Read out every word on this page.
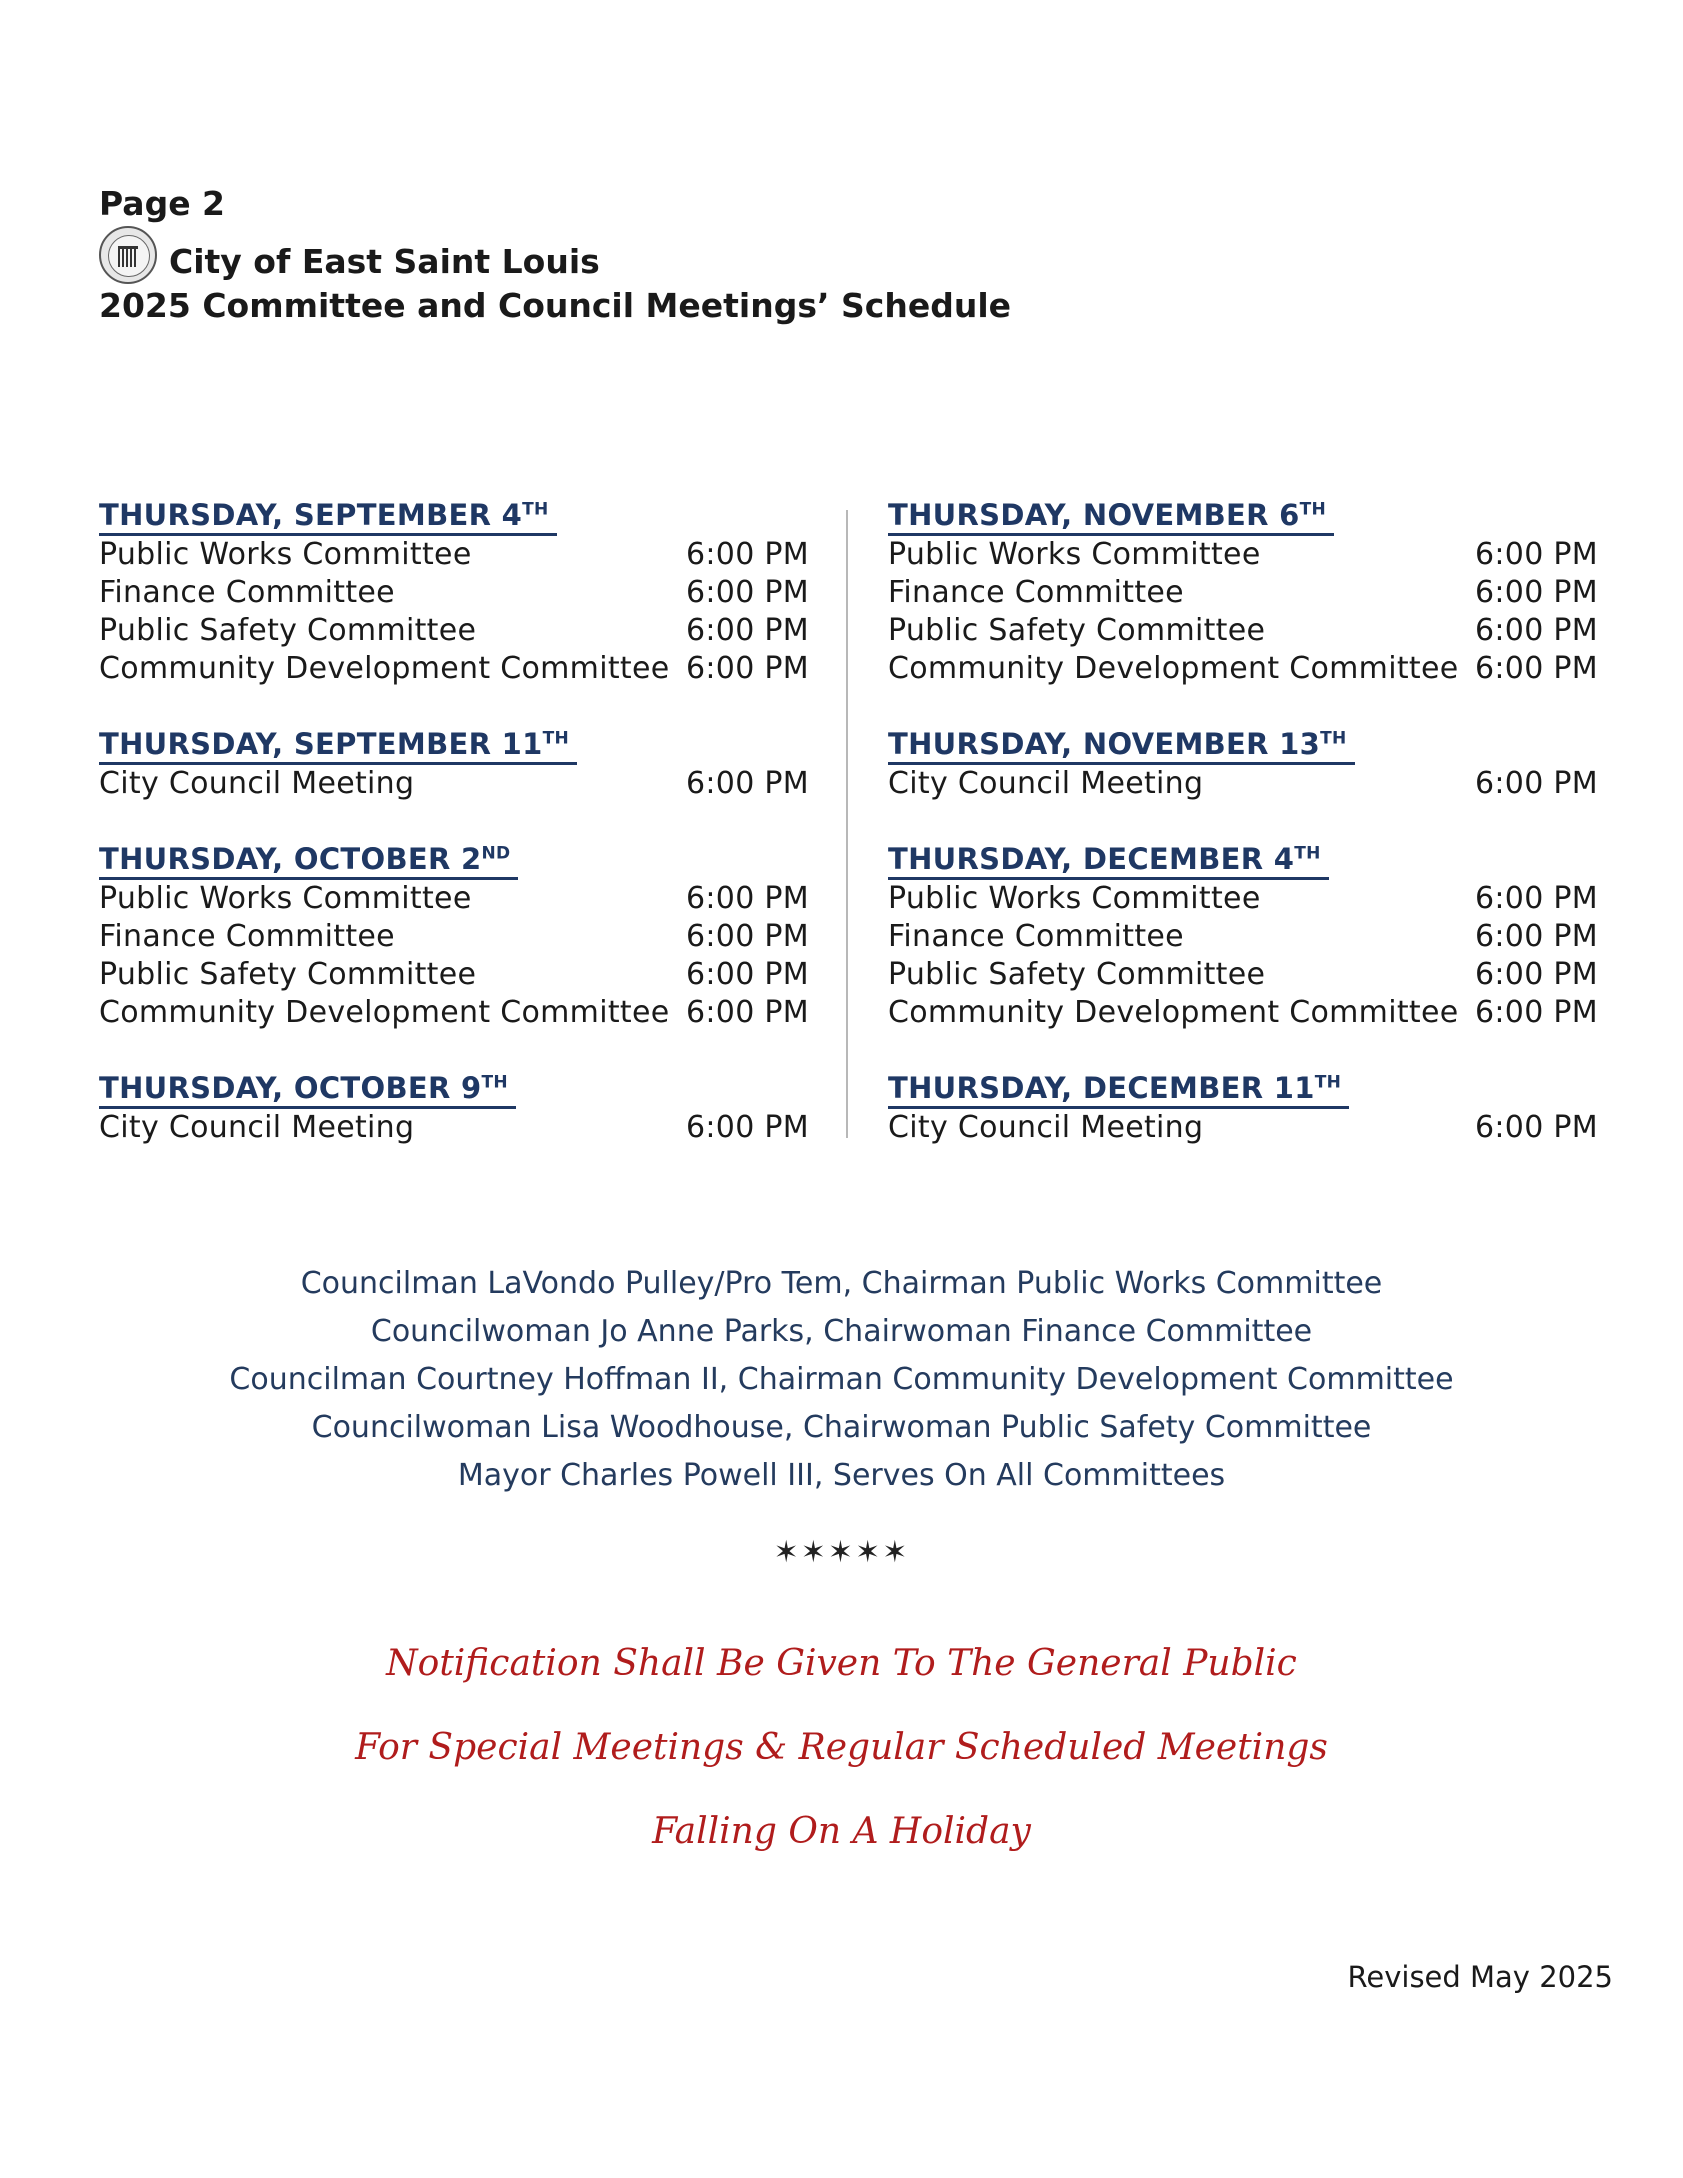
Page 2
City of East Saint Louis
2025 Committee and Council Meetings’ Schedule
THURSDAY, SEPTEMBER 4TH
Public Works Committee	6:00 PM
Finance Committee	6:00 PM
Public Safety Committee	6:00 PM
Community Development Committee 6:00 PM
THURSDAY, SEPTEMBER 11TH
City Council Meeting	6:00 PM
THURSDAY, OCTOBER 2ND
Public Works Committee	6:00 PM
Finance Committee	6:00 PM
Public Safety Committee	6:00 PM
Community Development Committee 6:00 PM
THURSDAY, OCTOBER 9TH
City Council Meeting	6:00 PM
THURSDAY, NOVEMBER 6TH
Public Works Committee	6:00 PM
Finance Committee	6:00 PM
Public Safety Committee	6:00 PM
Community Development Committee 6:00 PM
THURSDAY, NOVEMBER 13TH
City Council Meeting	6:00 PM
THURSDAY, DECEMBER 4TH
Public Works Committee	6:00 PM
Finance Committee	6:00 PM
Public Safety Committee	6:00 PM
Community Development Committee 6:00 PM
THURSDAY, DECEMBER 11TH
City Council Meeting	6:00 PM
Councilman LaVondo Pulley/Pro Tem, Chairman Public Works Committee
Councilwoman Jo Anne Parks, Chairwoman Finance Committee
Councilman Courtney Hoffman II, Chairman Community Development Committee
Councilwoman Lisa Woodhouse, Chairwoman Public Safety Committee
Mayor Charles Powell III, Serves On All Committees
✶✶✶✶✶
Notification Shall Be Given To The General Public
For Special Meetings & Regular Scheduled Meetings
Falling On A Holiday
Revised May 2025
